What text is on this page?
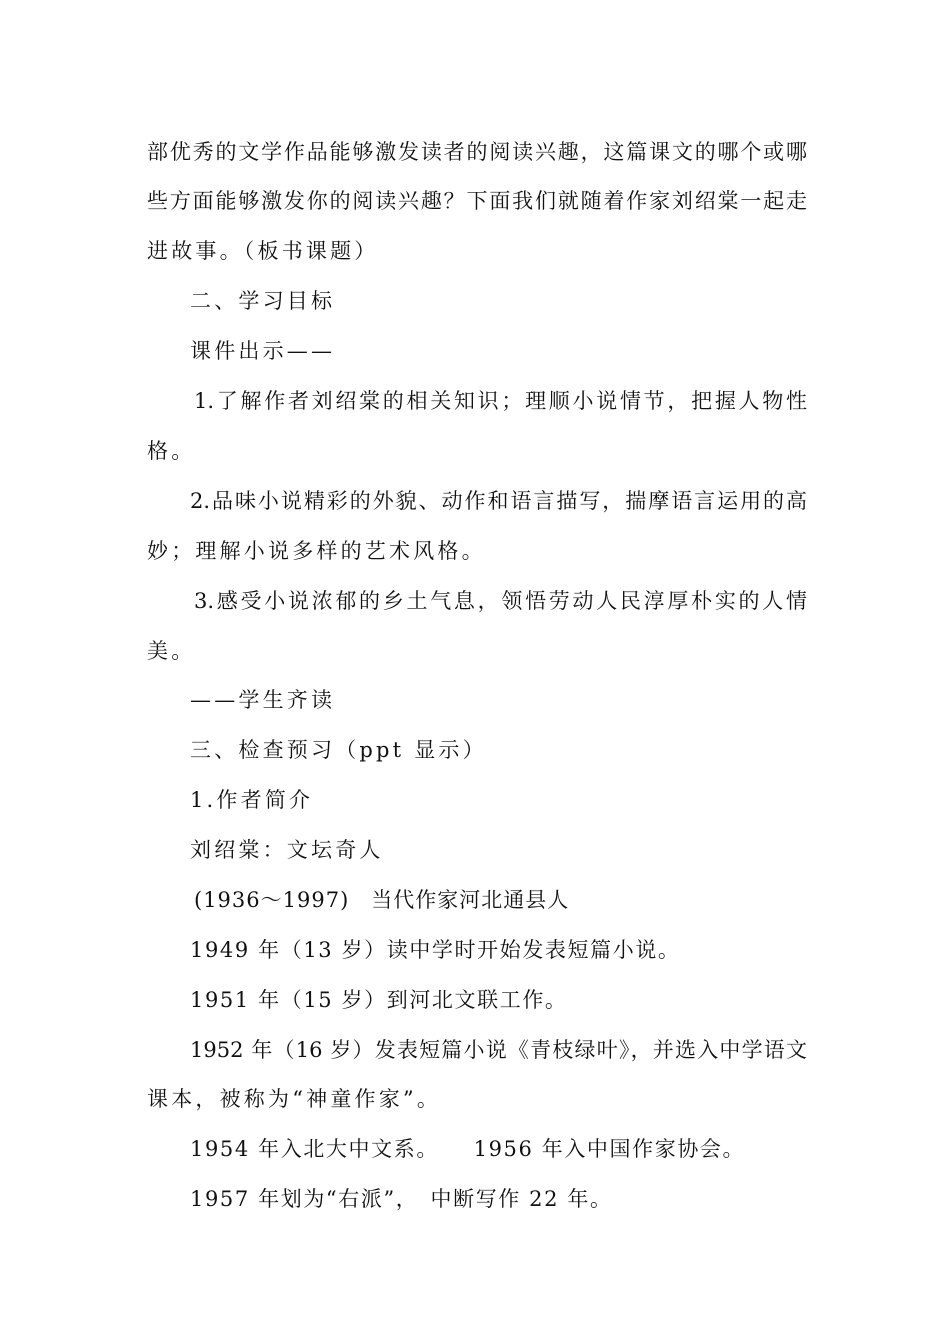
部优秀的文学作品能够激发读者的阅读兴趣，这篇课文的哪个或哪
些方面能够激发你的阅读兴趣？下面我们就随着作家刘绍棠一起走
进故事。（板书课题）
二、学习目标
课件出示——
1.了解作者刘绍棠的相关知识；理顺小说情节，把握人物性
格。
2.品味小说精彩的外貌、动作和语言描写，揣摩语言运用的高
妙；理解小说多样的艺术风格。
3.感受小说浓郁的乡土气息，领悟劳动人民淳厚朴实的人情
美。
——学生齐读
三、检查预习（ppt 显示）
1.作者简介
刘绍棠：文坛奇人
(1936～1997)　当代作家河北通县人
1949 年（13 岁）读中学时开始发表短篇小说。
1951 年（15 岁）到河北文联工作。
1952 年（16 岁）发表短篇小说《青枝绿叶》，并选入中学语文
课本，被称为“神童作家”。
1954 年入北大中文系。　　1956 年入中国作家协会。
1957 年划为“右派”，　中断写作 22 年。
